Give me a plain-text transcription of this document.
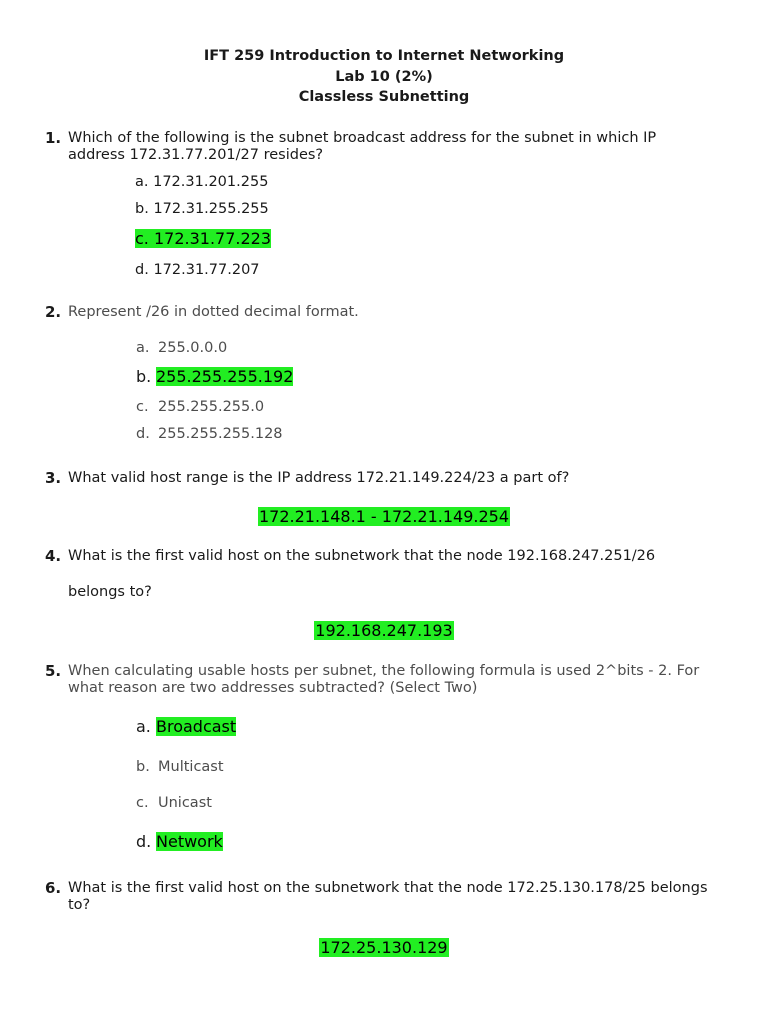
IFT 259 Introduction to Internet Networking
Lab 10 (2%)
Classless Subnetting
1. Which of the following is the subnet broadcast address for the subnet in which IP address 172.31.77.201/27 resides?
a. 172.31.201.255
b. 172.31.255.255
c. 172.31.77.223
d. 172.31.77.207
2. Represent /26 in dotted decimal format.
a. 255.0.0.0
b. 255.255.255.192
c. 255.255.255.0
d. 255.255.255.128
3. What valid host range is the IP address 172.21.149.224/23 a part of?
172.21.148.1 - 172.21.149.254
4. What is the first valid host on the subnetwork that the node 192.168.247.251/26
belongs to?
192.168.247.193
5. When calculating usable hosts per subnet, the following formula is used 2^bits - 2. For what reason are two addresses subtracted? (Select Two)
a. Broadcast
b. Multicast
c. Unicast
d. Network
6. What is the first valid host on the subnetwork that the node 172.25.130.178/25 belongs to?
172.25.130.129
